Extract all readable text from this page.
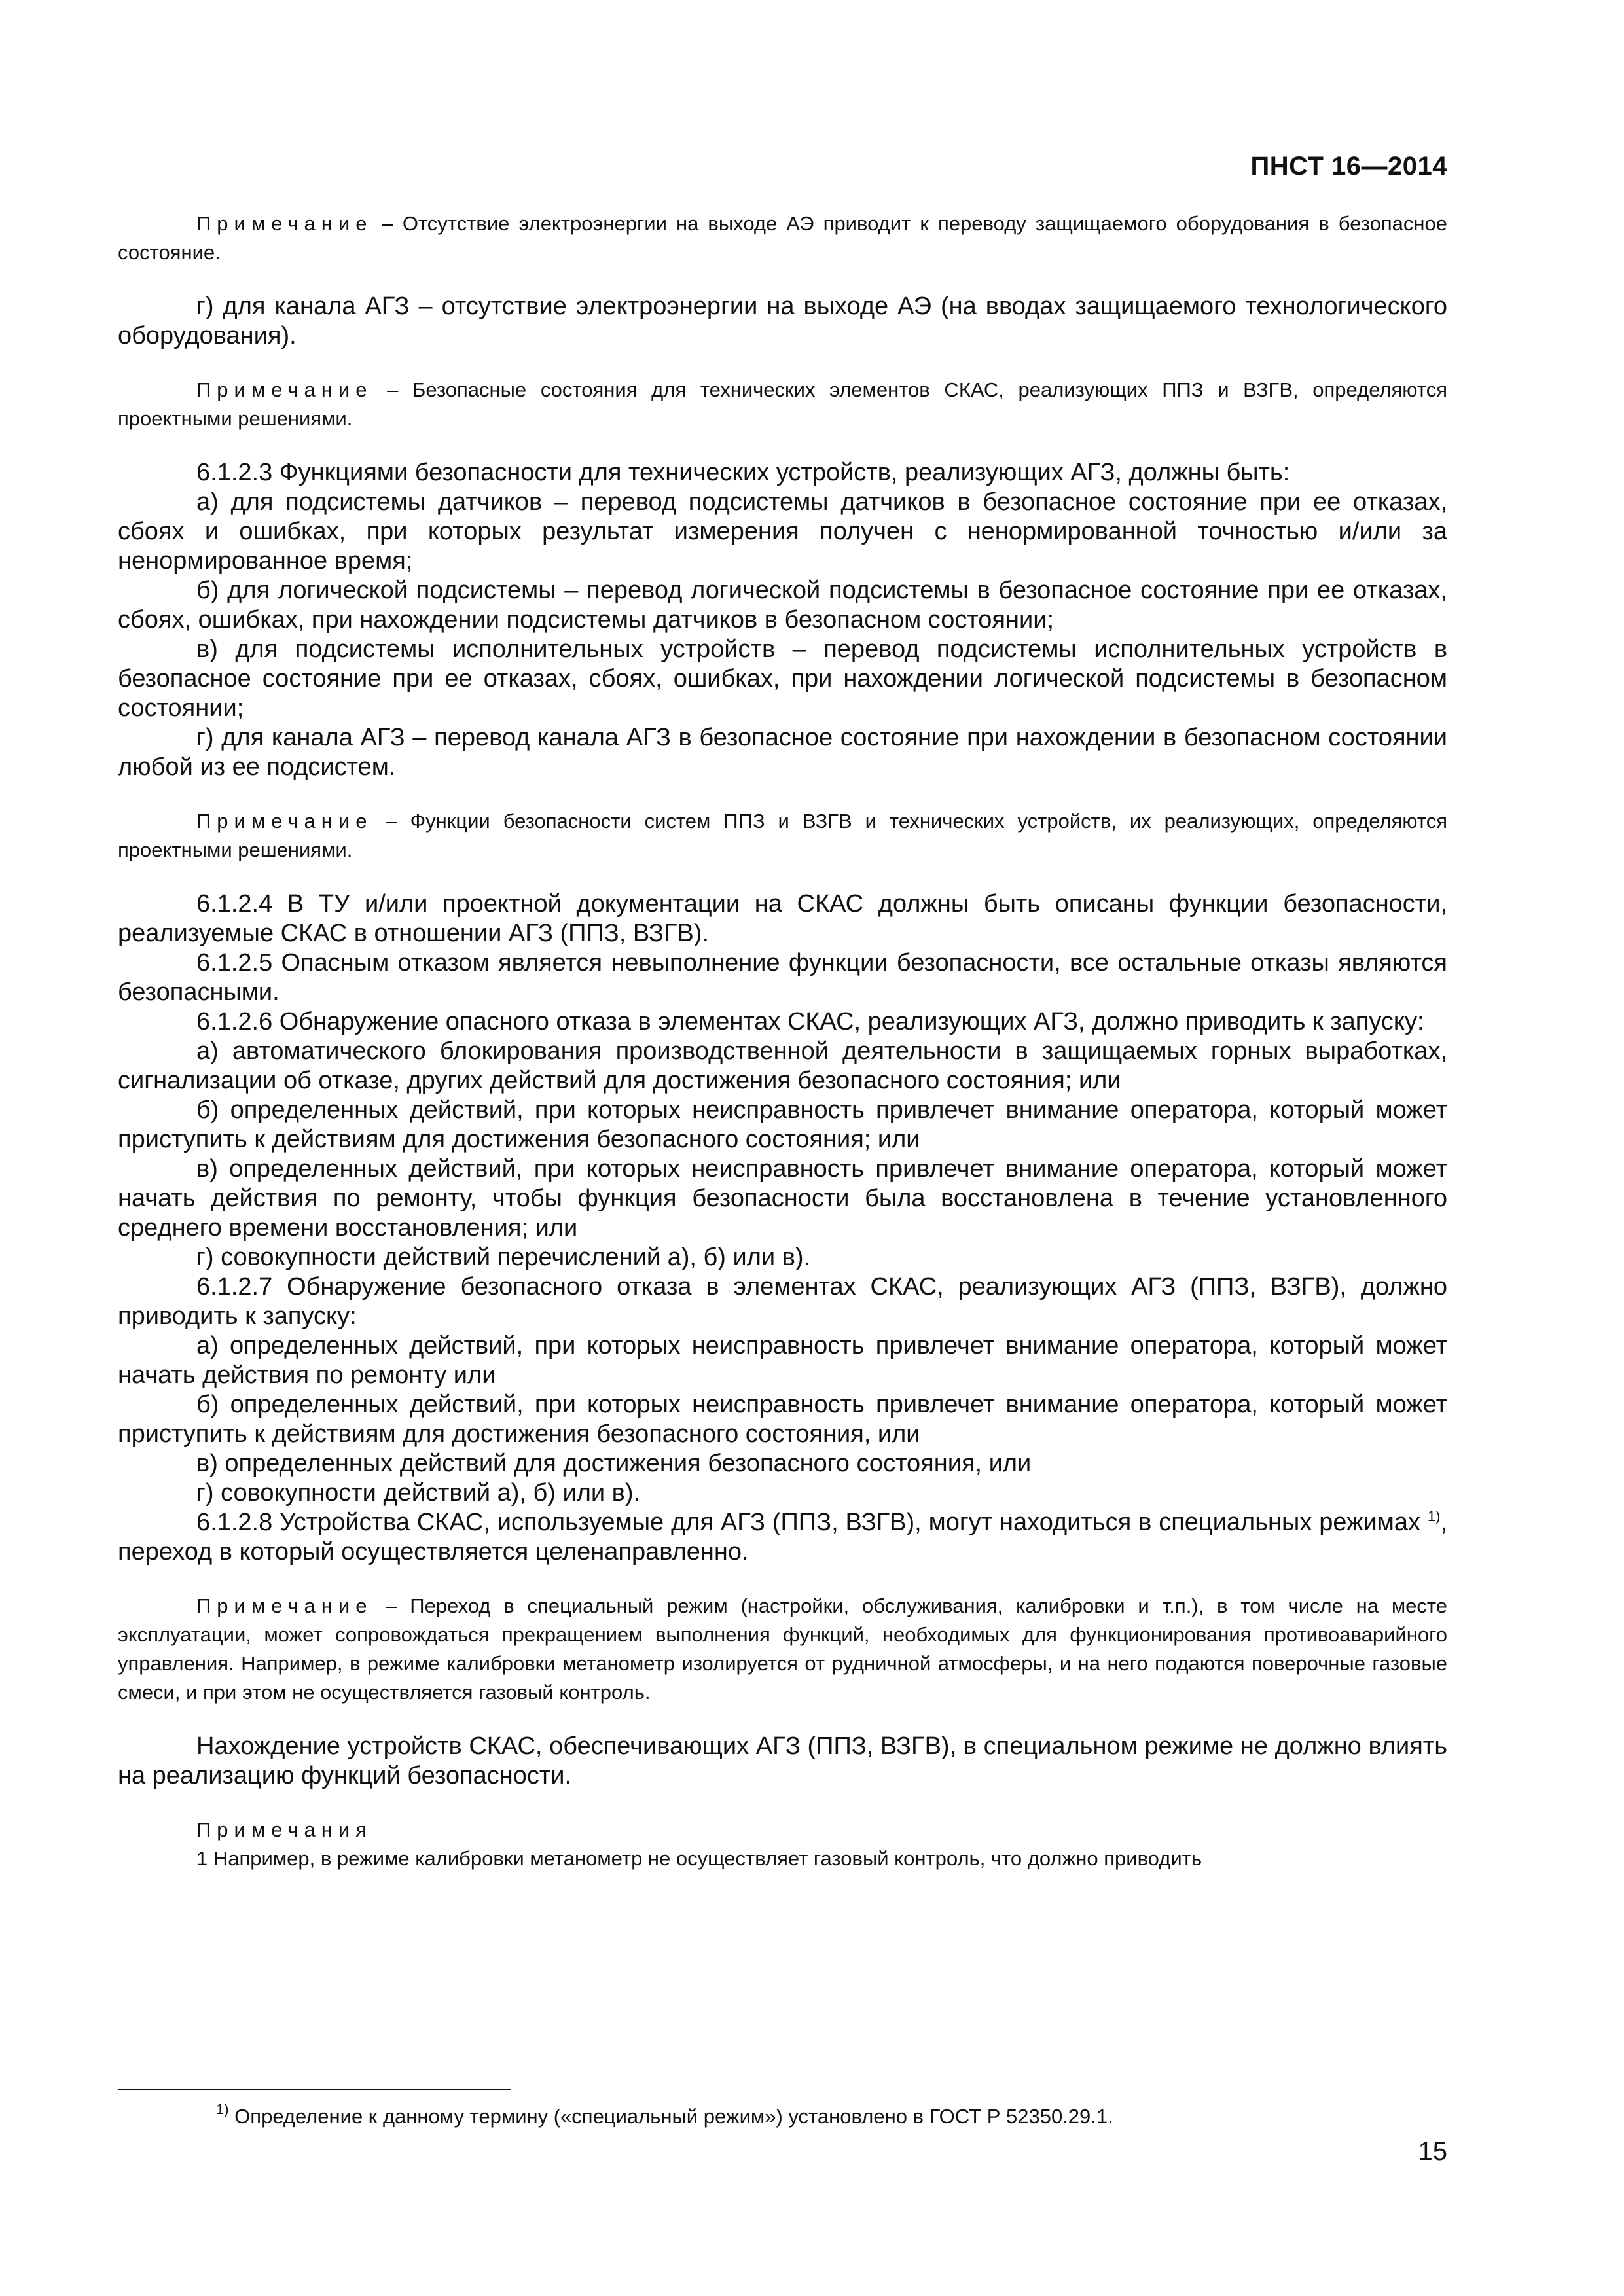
ПНСТ 16—2014

Примечание – Отсутствие электроэнергии на выходе АЭ приводит к переводу защищаемого оборудования в безопасное состояние.

г) для канала АГЗ – отсутствие электроэнергии на выходе АЭ (на вводах защищаемого технологического оборудования).

Примечание – Безопасные состояния для технических элементов СКАС, реализующих ППЗ и ВЗГВ, определяются проектными решениями.

6.1.2.3 Функциями безопасности для технических устройств, реализующих АГЗ, должны быть:

а) для подсистемы датчиков – перевод подсистемы датчиков в безопасное состояние при ее отказах, сбоях и ошибках, при которых результат измерения получен с ненормированной точностью и/или за ненормированное время;

б) для логической подсистемы – перевод логической подсистемы в безопасное состояние при ее отказах, сбоях, ошибках, при нахождении подсистемы датчиков в безопасном состоянии;

в) для подсистемы исполнительных устройств – перевод подсистемы исполнительных устройств в безопасное состояние при ее отказах, сбоях, ошибках, при нахождении логической подсистемы в безопасном состоянии;

г) для канала АГЗ – перевод канала АГЗ в безопасное состояние при нахождении в безопасном состоянии любой из ее подсистем.

Примечание – Функции безопасности систем ППЗ и ВЗГВ и технических устройств, их реализующих, определяются проектными решениями.

6.1.2.4 В ТУ и/или проектной документации на СКАС должны быть описаны функции безопасности, реализуемые СКАС в отношении АГЗ (ППЗ, ВЗГВ).

6.1.2.5 Опасным отказом является невыполнение функции безопасности, все остальные отказы являются безопасными.

6.1.2.6 Обнаружение опасного отказа в элементах СКАС, реализующих АГЗ, должно приводить к запуску:

а) автоматического блокирования производственной деятельности в защищаемых горных выработках, сигнализации об отказе, других действий для достижения безопасного состояния; или

б) определенных действий, при которых неисправность привлечет внимание оператора, который может приступить к действиям для достижения безопасного состояния; или

в) определенных действий, при которых неисправность привлечет внимание оператора, который может начать действия по ремонту, чтобы функция безопасности была восстановлена в течение установленного среднего времени восстановления; или

г) совокупности действий перечислений а), б) или в).

6.1.2.7 Обнаружение безопасного отказа в элементах СКАС, реализующих АГЗ (ППЗ, ВЗГВ), должно приводить к запуску:

а) определенных действий, при которых неисправность привлечет внимание оператора, который может начать действия по ремонту или

б) определенных действий, при которых неисправность привлечет внимание оператора, который может приступить к действиям для достижения безопасного состояния, или

в) определенных действий для достижения безопасного состояния, или

г) совокупности действий а), б) или в).

6.1.2.8 Устройства СКАС, используемые для АГЗ (ППЗ, ВЗГВ), могут находиться в специальных режимах $^{1)}$, переход в который осуществляется целенаправленно.

Примечание – Переход в специальный режим (настройки, обслуживания, калибровки и т.п.), в том числе на месте эксплуатации, может сопровождаться прекращением выполнения функций, необходимых для функционирования противоаварийного управления. Например, в режиме калибровки метанометр изолируется от рудничной атмосферы, и на него подаются поверочные газовые смеси, и при этом не осуществляется газовый контроль.

Нахождение устройств СКАС, обеспечивающих АГЗ (ППЗ, ВЗГВ), в специальном режиме не должно влиять на реализацию функций безопасности.

Примечания

1 Например, в режиме калибровки метанометр не осуществляет газовый контроль, что должно приводить

$^{1)}$ Определение к данному термину («специальный режим») установлено в ГОСТ Р 52350.29.1.
15
